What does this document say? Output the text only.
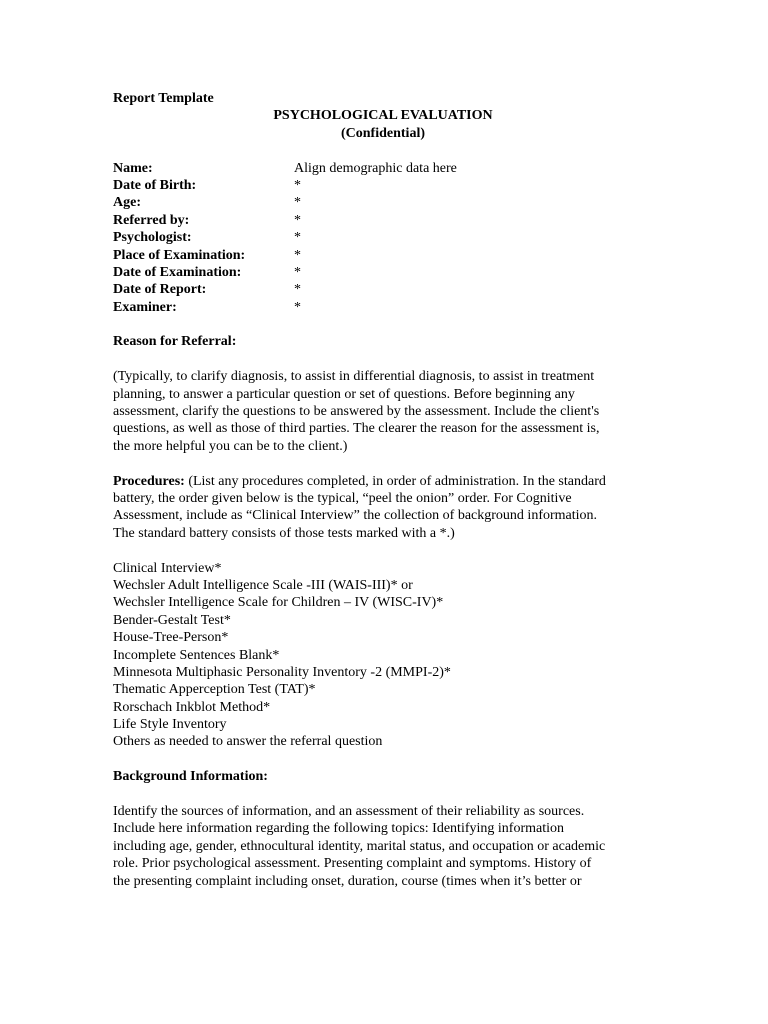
Report Template
PSYCHOLOGICAL EVALUATION
(Confidential)
Name:	Align demographic data here
Date of Birth:	*
Age:	*
Referred by:	*
Psychologist:	*
Place of Examination:	*
Date of Examination:	*
Date of Report:	*
Examiner:	*
Reason for Referral:
(Typically, to clarify diagnosis, to assist in differential diagnosis, to assist in treatment
planning, to answer a particular question or set of questions. Before beginning any
assessment, clarify the questions to be answered by the assessment. Include the client's
questions, as well as those of third parties. The clearer the reason for the assessment is,
the more helpful you can be to the client.)
Procedures: (List any procedures completed, in order of administration. In the standard
battery, the order given below is the typical, “peel the onion” order. For Cognitive
Assessment, include as “Clinical Interview” the collection of background information.
The standard battery consists of those tests marked with a *.)
Clinical Interview*
Wechsler Adult Intelligence Scale -III (WAIS-III)* or
Wechsler Intelligence Scale for Children – IV (WISC-IV)*
Bender-Gestalt Test*
House-Tree-Person*
Incomplete Sentences Blank*
Minnesota Multiphasic Personality Inventory -2 (MMPI-2)*
Thematic Apperception Test (TAT)*
Rorschach Inkblot Method*
Life Style Inventory
Others as needed to answer the referral question
Background Information:
Identify the sources of information, and an assessment of their reliability as sources.
Include here information regarding the following topics: Identifying information
including age, gender, ethnocultural identity, marital status, and occupation or academic
role. Prior psychological assessment. Presenting complaint and symptoms. History of
the presenting complaint including onset, duration, course (times when it’s better or
